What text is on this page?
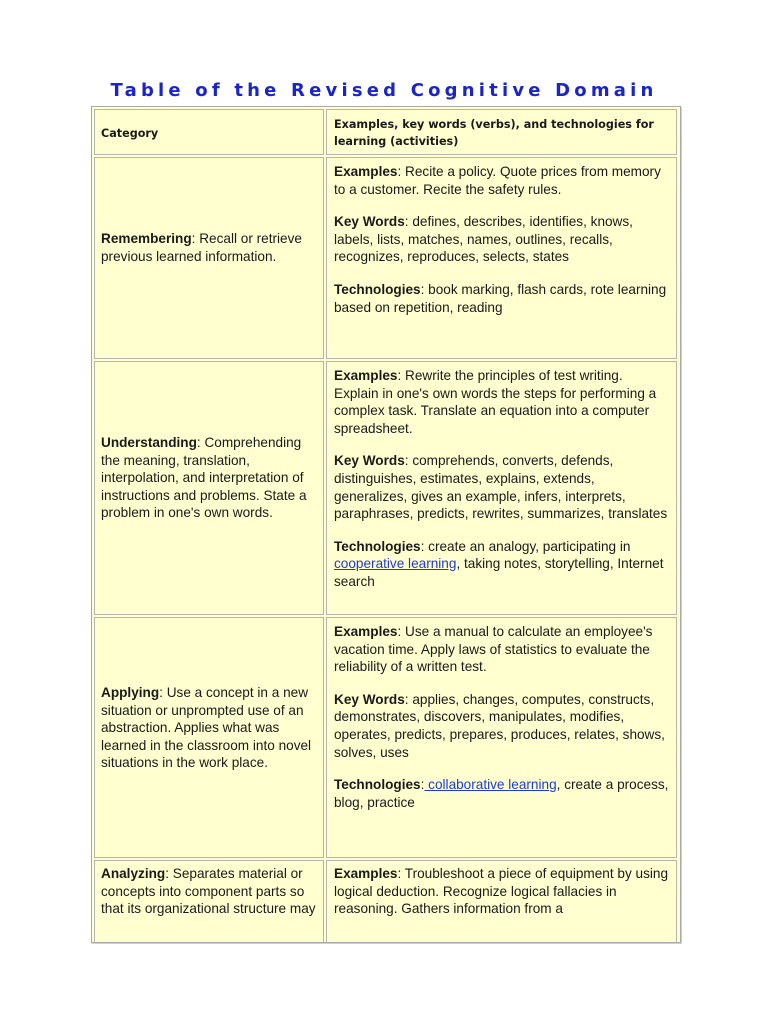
Table of the Revised Cognitive Domain
Category
Examples, key words (verbs), and technologies for learning (activities)
Remembering: Recall or retrieve previous learned information.

Examples: Recite a policy. Quote prices from memory to a customer. Recite the safety rules.

Key Words: defines, describes, identifies, knows, labels, lists, matches, names, outlines, recalls, recognizes, reproduces, selects, states

Technologies: book marking, flash cards, rote learning based on repetition, reading

Understanding: Comprehending the meaning, translation, interpolation, and interpretation of instructions and problems. State a problem in one's own words.

Examples: Rewrite the principles of test writing. Explain in one's own words the steps for performing a complex task. Translate an equation into a computer spreadsheet.

Key Words: comprehends, converts, defends, distinguishes, estimates, explains, extends, generalizes, gives an example, infers, interprets, paraphrases, predicts, rewrites, summarizes, translates

Technologies: create an analogy, participating in cooperative learning, taking notes, storytelling, Internet search

Applying: Use a concept in a new situation or unprompted use of an abstraction. Applies what was learned in the classroom into novel situations in the work place.

Examples: Use a manual to calculate an employee's vacation time. Apply laws of statistics to evaluate the reliability of a written test.

Key Words: applies, changes, computes, constructs, demonstrates, discovers, manipulates, modifies, operates, predicts, prepares, produces, relates, shows, solves, uses

Technologies: collaborative learning, create a process, blog, practice

Analyzing: Separates material or concepts into component parts so that its organizational structure may

Examples: Troubleshoot a piece of equipment by using logical deduction. Recognize logical fallacies in reasoning. Gathers information from a
